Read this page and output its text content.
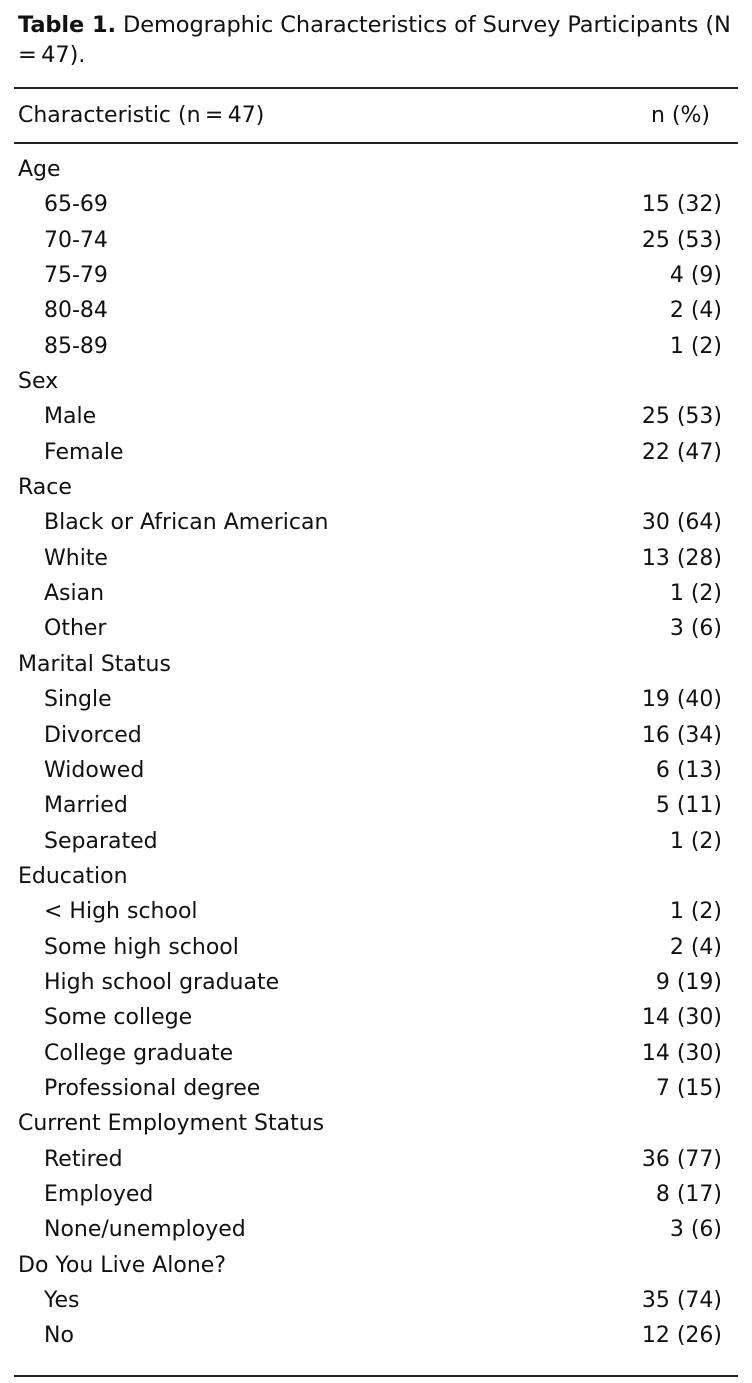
Table 1. Demographic Characteristics of Survey Participants (N = 47).
Characteristic (n = 47)	n (%)
Age
65-69	15 (32)
70-74	25 (53)
75-79	4 (9)
80-84	2 (4)
85-89	1 (2)
Sex
Male	25 (53)
Female	22 (47)
Race
Black or African American	30 (64)
White	13 (28)
Asian	1 (2)
Other	3 (6)
Marital Status
Single	19 (40)
Divorced	16 (34)
Widowed	6 (13)
Married	5 (11)
Separated	1 (2)
Education
< High school	1 (2)
Some high school	2 (4)
High school graduate	9 (19)
Some college	14 (30)
College graduate	14 (30)
Professional degree	7 (15)
Current Employment Status
Retired	36 (77)
Employed	8 (17)
None/unemployed	3 (6)
Do You Live Alone?
Yes	35 (74)
No	12 (26)
